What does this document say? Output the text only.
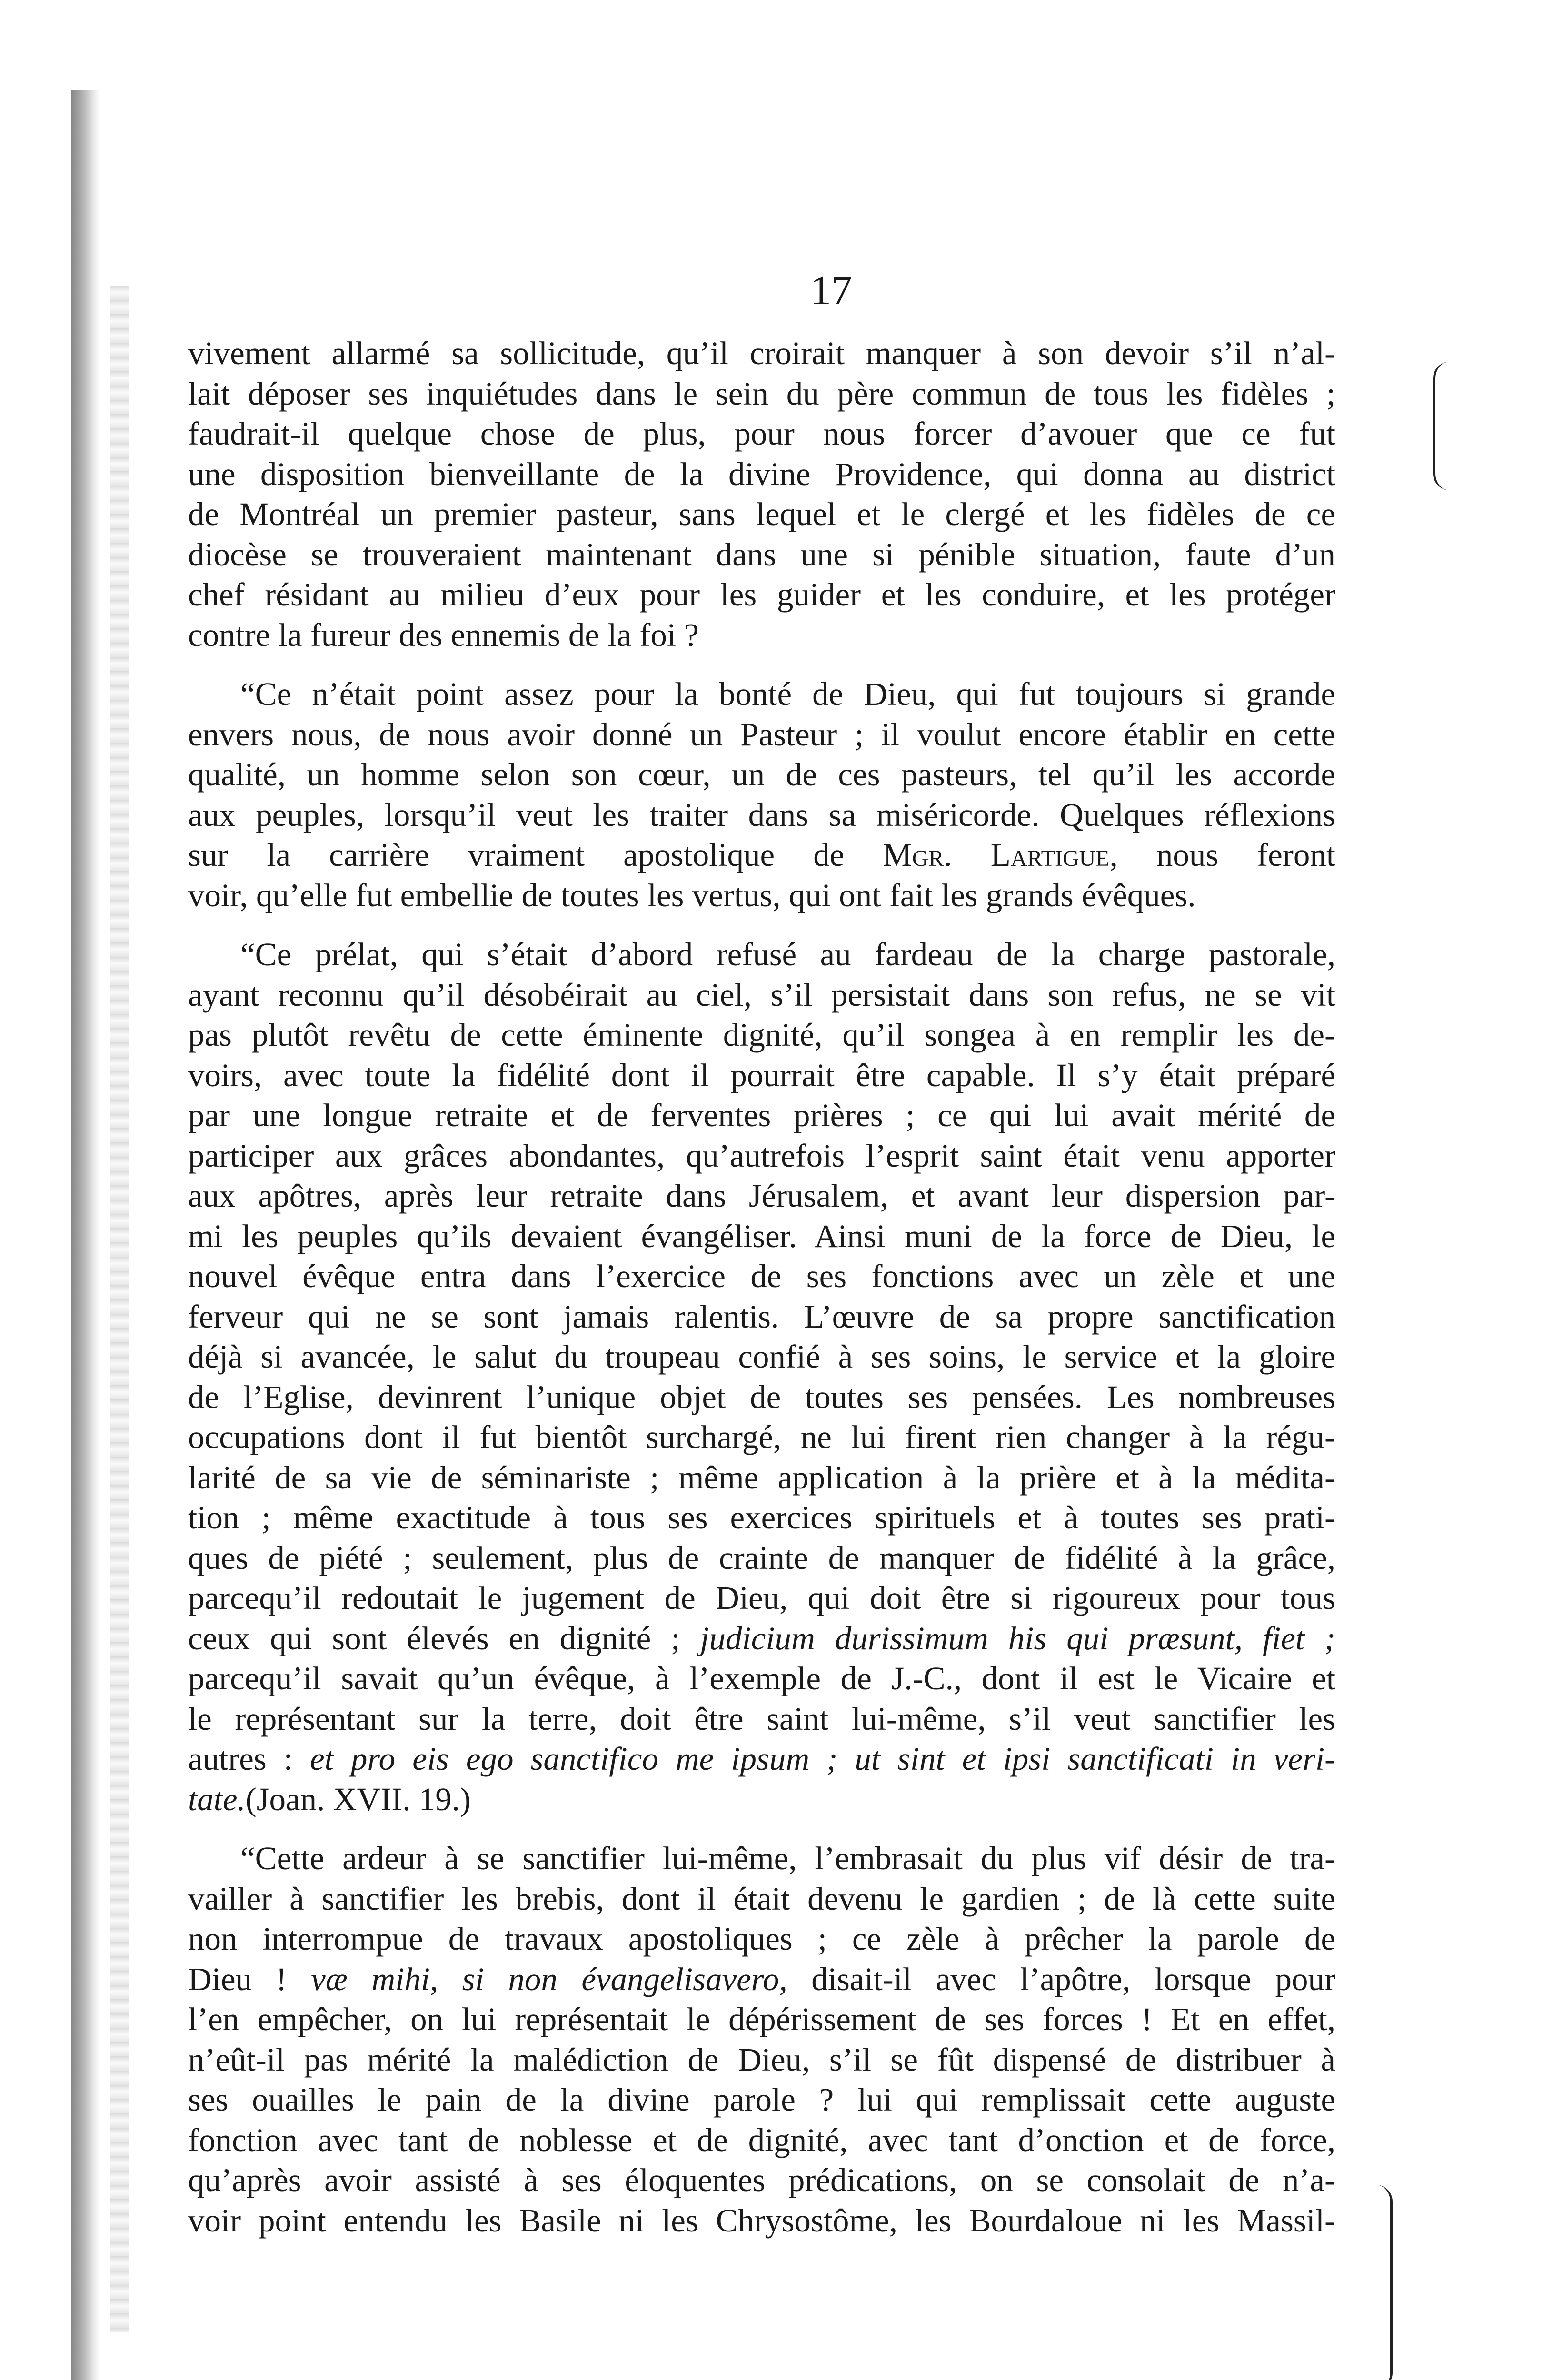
17

vivement allarmé sa sollicitude, qu’il croirait manquer à son devoir s’il n’al-
lait déposer ses inquiétudes dans le sein du père commun de tous les fidèles ;
faudrait-il quelque chose de plus, pour nous forcer d’avouer que ce fut
une disposition bienveillante de la divine Providence, qui donna au district
de Montréal un premier pasteur, sans lequel et le clergé et les fidèles de ce
diocèse se trouveraient maintenant dans une si pénible situation, faute d’un
chef résidant au milieu d’eux pour les guider et les conduire, et les protéger
contre la fureur des ennemis de la foi ?

“Ce n’était point assez pour la bonté de Dieu, qui fut toujours si grande
envers nous, de nous avoir donné un Pasteur ; il voulut encore établir en cette
qualité, un homme selon son cœur, un de ces pasteurs, tel qu’il les accorde
aux peuples, lorsqu’il veut les traiter dans sa miséricorde. Quelques réflexions
sur la carrière vraiment apostolique de Mgr. Lartigue, nous feront
voir, qu’elle fut embellie de toutes les vertus, qui ont fait les grands évêques.

“Ce prélat, qui s’était d’abord refusé au fardeau de la charge pastorale,
ayant reconnu qu’il désobéirait au ciel, s’il persistait dans son refus, ne se vit
pas plutôt revêtu de cette éminente dignité, qu’il songea à en remplir les de-
voirs, avec toute la fidélité dont il pourrait être capable. Il s’y était préparé
par une longue retraite et de ferventes prières ; ce qui lui avait mérité de
participer aux grâces abondantes, qu’autrefois l’esprit saint était venu apporter
aux apôtres, après leur retraite dans Jérusalem, et avant leur dispersion par-
mi les peuples qu’ils devaient évangéliser. Ainsi muni de la force de Dieu, le
nouvel évêque entra dans l’exercice de ses fonctions avec un zèle et une
ferveur qui ne se sont jamais ralentis. L’œuvre de sa propre sanctification
déjà si avancée, le salut du troupeau confié à ses soins, le service et la gloire
de l’Eglise, devinrent l’unique objet de toutes ses pensées. Les nombreuses
occupations dont il fut bientôt surchargé, ne lui firent rien changer à la régu-
larité de sa vie de séminariste ; même application à la prière et à la médita-
tion ; même exactitude à tous ses exercices spirituels et à toutes ses prati-
ques de piété ; seulement, plus de crainte de manquer de fidélité à la grâce,
parcequ’il redoutait le jugement de Dieu, qui doit être si rigoureux pour tous
ceux qui sont élevés en dignité ; judicium durissimum his qui præsunt, fiet ;
parcequ’il savait qu’un évêque, à l’exemple de J.-C., dont il est le Vicaire et
le représentant sur la terre, doit être saint lui-même, s’il veut sanctifier les
autres : et pro eis ego sanctifico me ipsum ; ut sint et ipsi sanctificati in veri-
tate.(Joan. XVII. 19.)

“Cette ardeur à se sanctifier lui-même, l’embrasait du plus vif désir de tra-
vailler à sanctifier les brebis, dont il était devenu le gardien ; de là cette suite
non interrompue de travaux apostoliques ; ce zèle à prêcher la parole de
Dieu ! væ mihi, si non évangelisavero, disait-il avec l’apôtre, lorsque pour
l’en empêcher, on lui représentait le dépérissement de ses forces ! Et en effet,
n’eût-il pas mérité la malédiction de Dieu, s’il se fût dispensé de distribuer à
ses ouailles le pain de la divine parole ? lui qui remplissait cette auguste
fonction avec tant de noblesse et de dignité, avec tant d’onction et de force,
qu’après avoir assisté à ses éloquentes prédications, on se consolait de n’a-
voir point entendu les Basile ni les Chrysostôme, les Bourdaloue ni les Massil-
